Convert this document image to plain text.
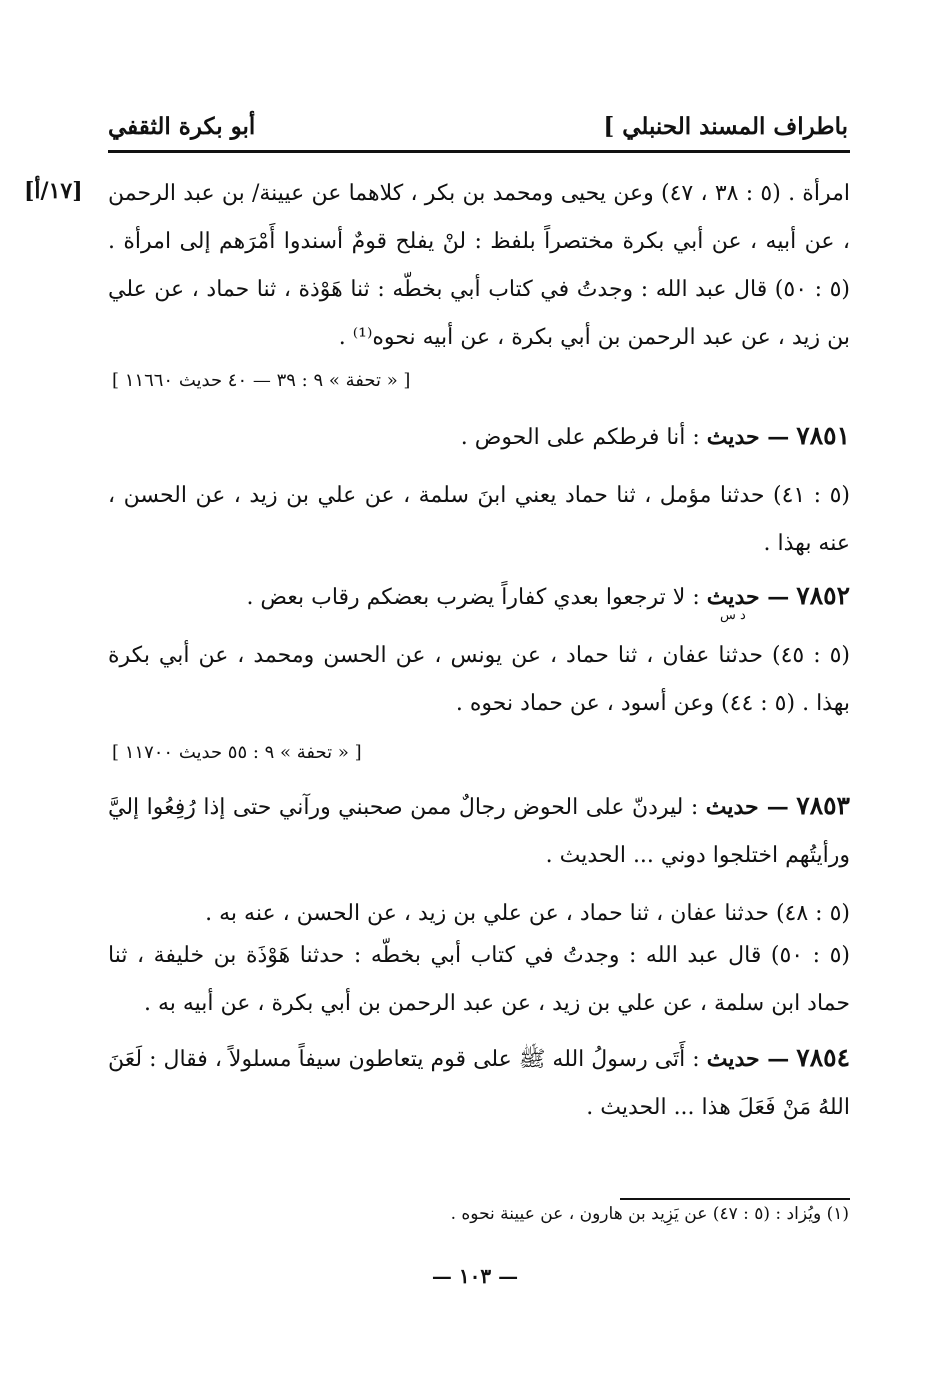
باطراف المسند الحنبلي ]
أبو بكرة الثقفي
[١٧/أ] امرأة . (٥ : ٣٨ ، ٤٧) وعن يحيى ومحمد بن بكر ، كلاهما عن عيينة/ بن عبد الرحمن ، عن أبيه ، عن أبي بكرة مختصراً بلفظ : لنْ يفلح قومٌ أسندوا أَمْرَهم إلى امرأة . (٥ : ٥٠) قال عبد الله : وجدتُ في كتاب أبي بخطّه : ثنا هَوْذة ، ثنا حماد ، عن علي بن زيد ، عن عبد الرحمن بن أبي بكرة ، عن أبيه نحوه⁽¹⁾ .
[ « تحفة » ٩ : ٣٩ — ٤٠ حديث ١١٦٦٠ ]
٧٨٥١ — حديث : أنا فرطكم على الحوض .
(٥ : ٤١) حدثنا مؤمل ، ثنا حماد يعني ابنَ سلمة ، عن علي بن زيد ، عن الحسن ، عنه بهذا .
٧٨٥٢ — حديث : لا ترجعوا بعدي كفاراً يضرب بعضكم رقاب بعض .
د س
(٥ : ٤٥) حدثنا عفان ، ثنا حماد ، عن يونس ، عن الحسن ومحمد ، عن أبي بكرة بهذا . (٥ : ٤٤) وعن أسود ، عن حماد نحوه .
[ « تحفة » ٩ : ٥٥ حديث ١١٧٠٠ ]
٧٨٥٣ — حديث : ليردنّ على الحوض رجالٌ ممن صحبني ورآني حتى إذا رُفِعُوا إليَّ ورأيتُهم اختلجوا دوني ... الحديث .
(٥ : ٤٨) حدثنا عفان ، ثنا حماد ، عن علي بن زيد ، عن الحسن ، عنه به .
(٥ : ٥٠) قال عبد الله : وجدتُ في كتاب أبي بخطّه : حدثنا هَوْذَة بن خليفة ، ثنا حماد ابن سلمة ، عن علي بن زيد ، عن عبد الرحمن بن أبي بكرة ، عن أبيه به .
٧٨٥٤ — حديث : أَتَى رسولُ الله ﷺ على قوم يتعاطون سيفاً مسلولاً ، فقال : لَعَنَ اللهُ مَنْ فَعَلَ هذا ... الحديث .
(١) ويُزاد : (٥ : ٤٧) عن يَزِيد بن هارون ، عن عيينة نحوه .
— ١٠٣ —
